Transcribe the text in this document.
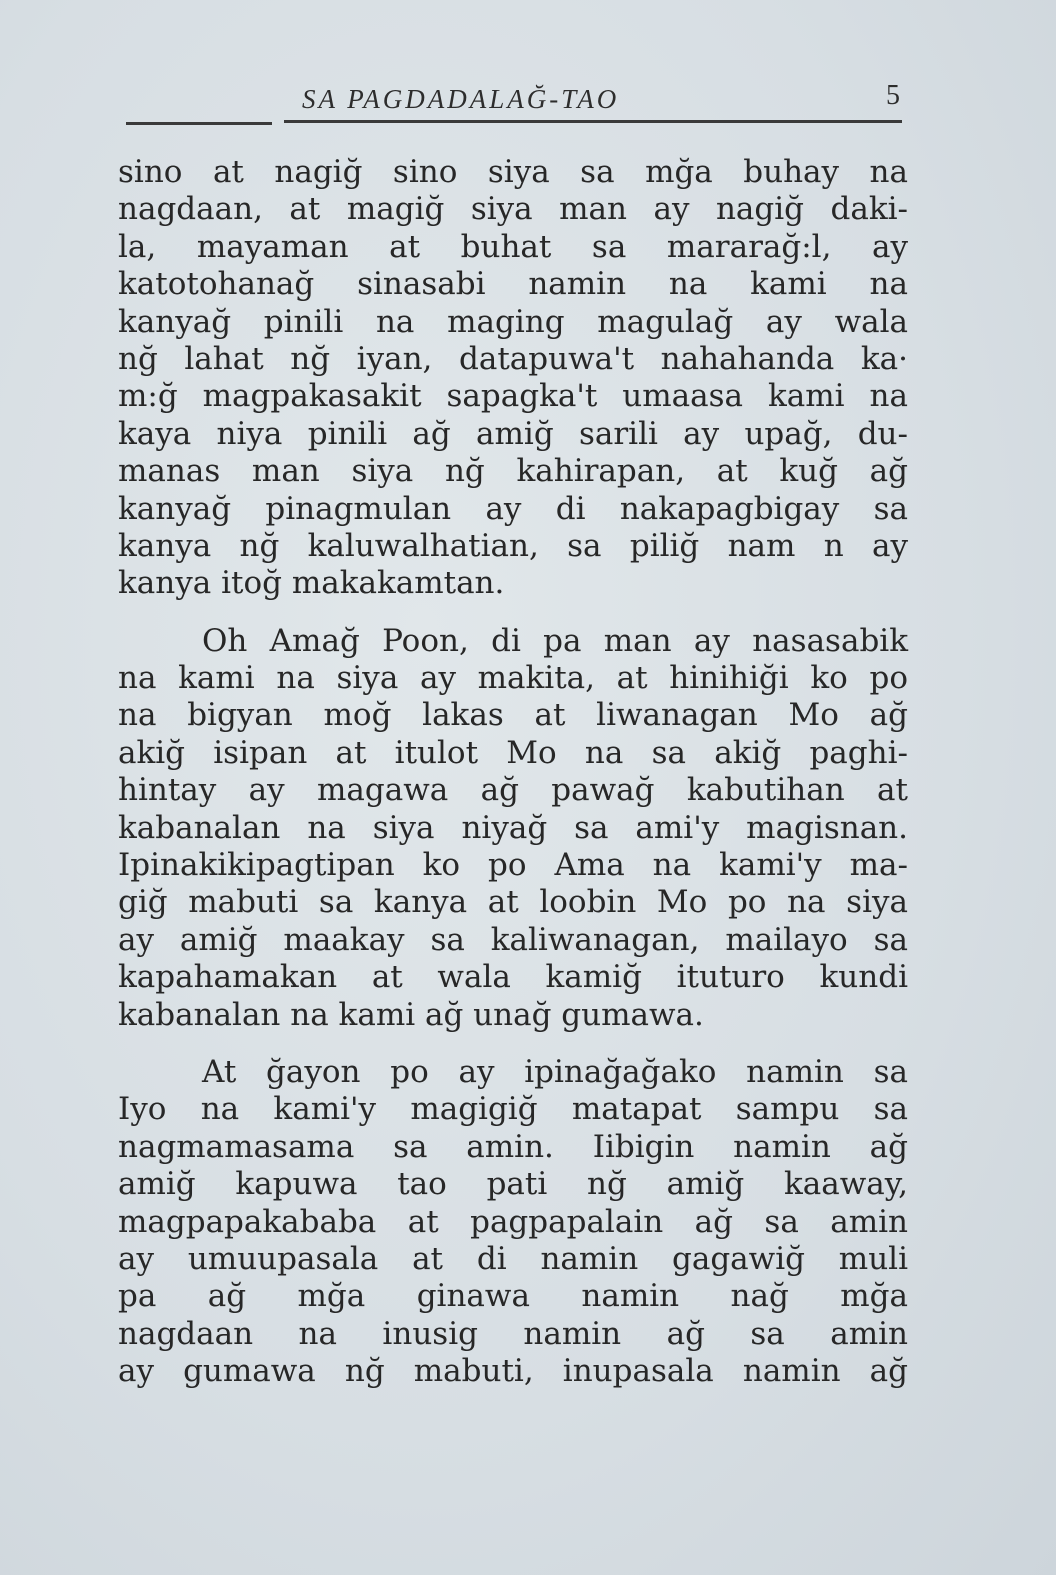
SA PAGDADALAĞ-TAO	5

sino at nagiğ sino siya sa mğa buhay na
nagdaan, at magiğ siya man ay nagiğ daki-
la, mayaman at buhat sa mararağ:l, ay
katotohanağ sinasabi namin na kami na
kanyağ pinili na maging magulağ ay wala
nğ lahat nğ iyan, datapuwa't nahahanda ka·
m:ğ magpakasakit sapagka't umaasa kami na
kaya niya pinili ağ amiğ sarili ay upağ, du-
manas man siya nğ kahirapan, at kuğ ağ
kanyağ pinagmulan ay di nakapagbigay sa
kanya nğ kaluwalhatian, sa piliğ nam n ay
kanya itoğ makakamtan.

Oh Amağ Poon, di pa man ay nasasabik
na kami na siya ay makita, at hinihiği ko po
na bigyan moğ lakas at liwanagan Mo ağ
akiğ isipan at itulot Mo na sa akiğ paghi-
hintay ay magawa ağ pawağ kabutihan at
kabanalan na siya niyağ sa ami'y magisnan.
Ipinakikipagtipan ko po Ama na kami'y ma-
giğ mabuti sa kanya at loobin Mo po na siya
ay amiğ maakay sa kaliwanagan, mailayo sa
kapahamakan at wala kamiğ ituturo kundi
kabanalan na kami ağ unağ gumawa.

At ğayon po ay ipinağağako namin sa
Iyo na kami'y magigiğ matapat sampu sa
nagmamasama sa amin. Iibigin namin ağ
amiğ kapuwa tao pati nğ amiğ kaaway,
magpapakababa at pagpapalain ağ sa amin
ay umuupasala at di namin gagawiğ muli
pa ağ mğa ginawa namin nağ mğa
nagdaan na inusig namin ağ sa amin
ay gumawa nğ mabuti, inupasala namin ağ
